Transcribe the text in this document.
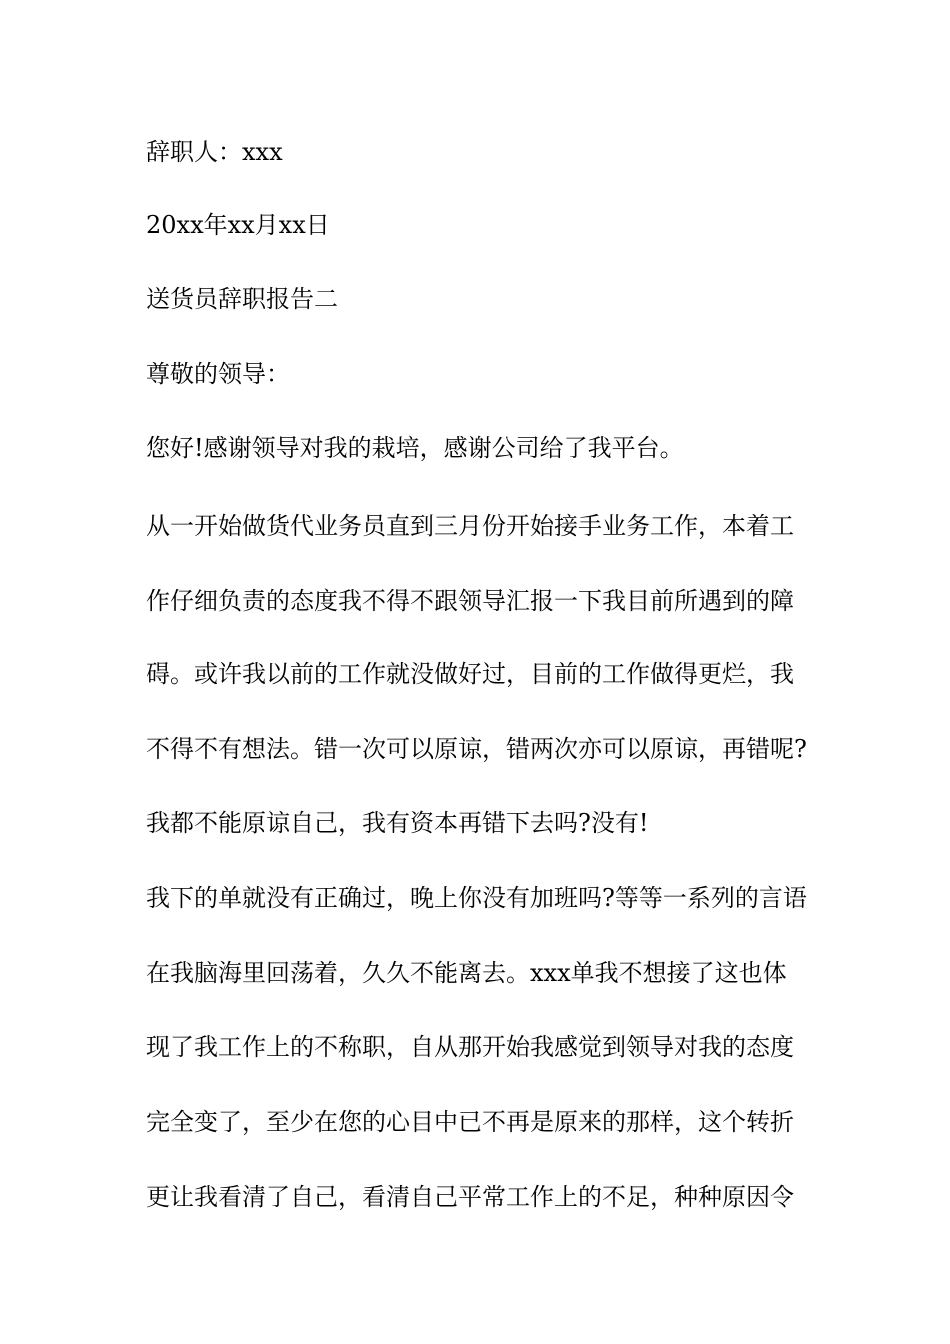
辞职人：xxx
20xx年xx月xx日
送货员辞职报告二
尊敬的领导：
您好!感谢领导对我的栽培，感谢公司给了我平台。
从一开始做货代业务员直到三月份开始接手业务工作，本着工
作仔细负责的态度我不得不跟领导汇报一下我目前所遇到的障
碍。或许我以前的工作就没做好过，目前的工作做得更烂，我
不得不有想法。错一次可以原谅，错两次亦可以原谅，再错呢?
我都不能原谅自己，我有资本再错下去吗?没有!
我下的单就没有正确过，晚上你没有加班吗?等等一系列的言语
在我脑海里回荡着，久久不能离去。xxx单我不想接了这也体
现了我工作上的不称职，自从那开始我感觉到领导对我的态度
完全变了，至少在您的心目中已不再是原来的那样，这个转折
更让我看清了自己，看清自己平常工作上的不足，种种原因令
